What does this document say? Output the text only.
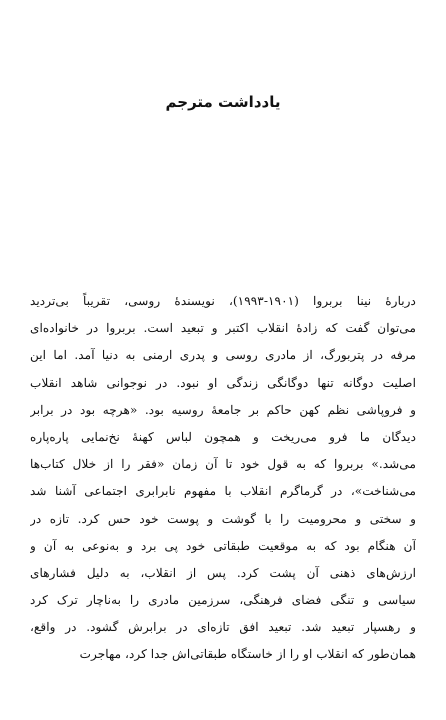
یادداشت مترجم
دربارهٔ نینا بربروا (۱۹۰۱-۱۹۹۳)، نویسندهٔ روسی، تقریباً بی‌تردید
می‌توان گفت که زادهٔ انقلاب اکتبر و تبعید است. بربروا در خانواده‌ای
مرفه در پتربورگ، از مادری روسی و پدری ارمنی به دنیا آمد. اما این
اصلیت دوگانه تنها دوگانگی زندگی او نبود. در نوجوانی شاهد انقلاب
و فروپاشی نظم کهن حاکم بر جامعهٔ روسیه بود. «هرچه بود در برابر
دیدگان ما فرو می‌ریخت و همچون لباس کهنهٔ نخ‌نمایی پاره‌پاره
می‌شد.» بربروا که به قول خود تا آن زمان «فقر را از خلال کتاب‌ها
می‌شناخت»، در گرماگرم انقلاب با مفهوم نابرابری اجتماعی آشنا شد
و سختی و محرومیت را با گوشت و پوست خود حس کرد. تازه در
آن هنگام بود که به موقعیت طبقاتی خود پی برد و به‌نوعی به آن و
ارزش‌های ذهنی آن پشت کرد. پس از انقلاب، به دلیل فشارهای
سیاسی و تنگی فضای فرهنگی، سرزمین مادری را به‌ناچار ترک کرد
و رهسپار تبعید شد. تبعید افق تازه‌ای در برابرش گشود. در واقع،
همان‌طور که انقلاب او را از خاستگاه طبقاتی‌اش جدا کرد، مهاجرت
